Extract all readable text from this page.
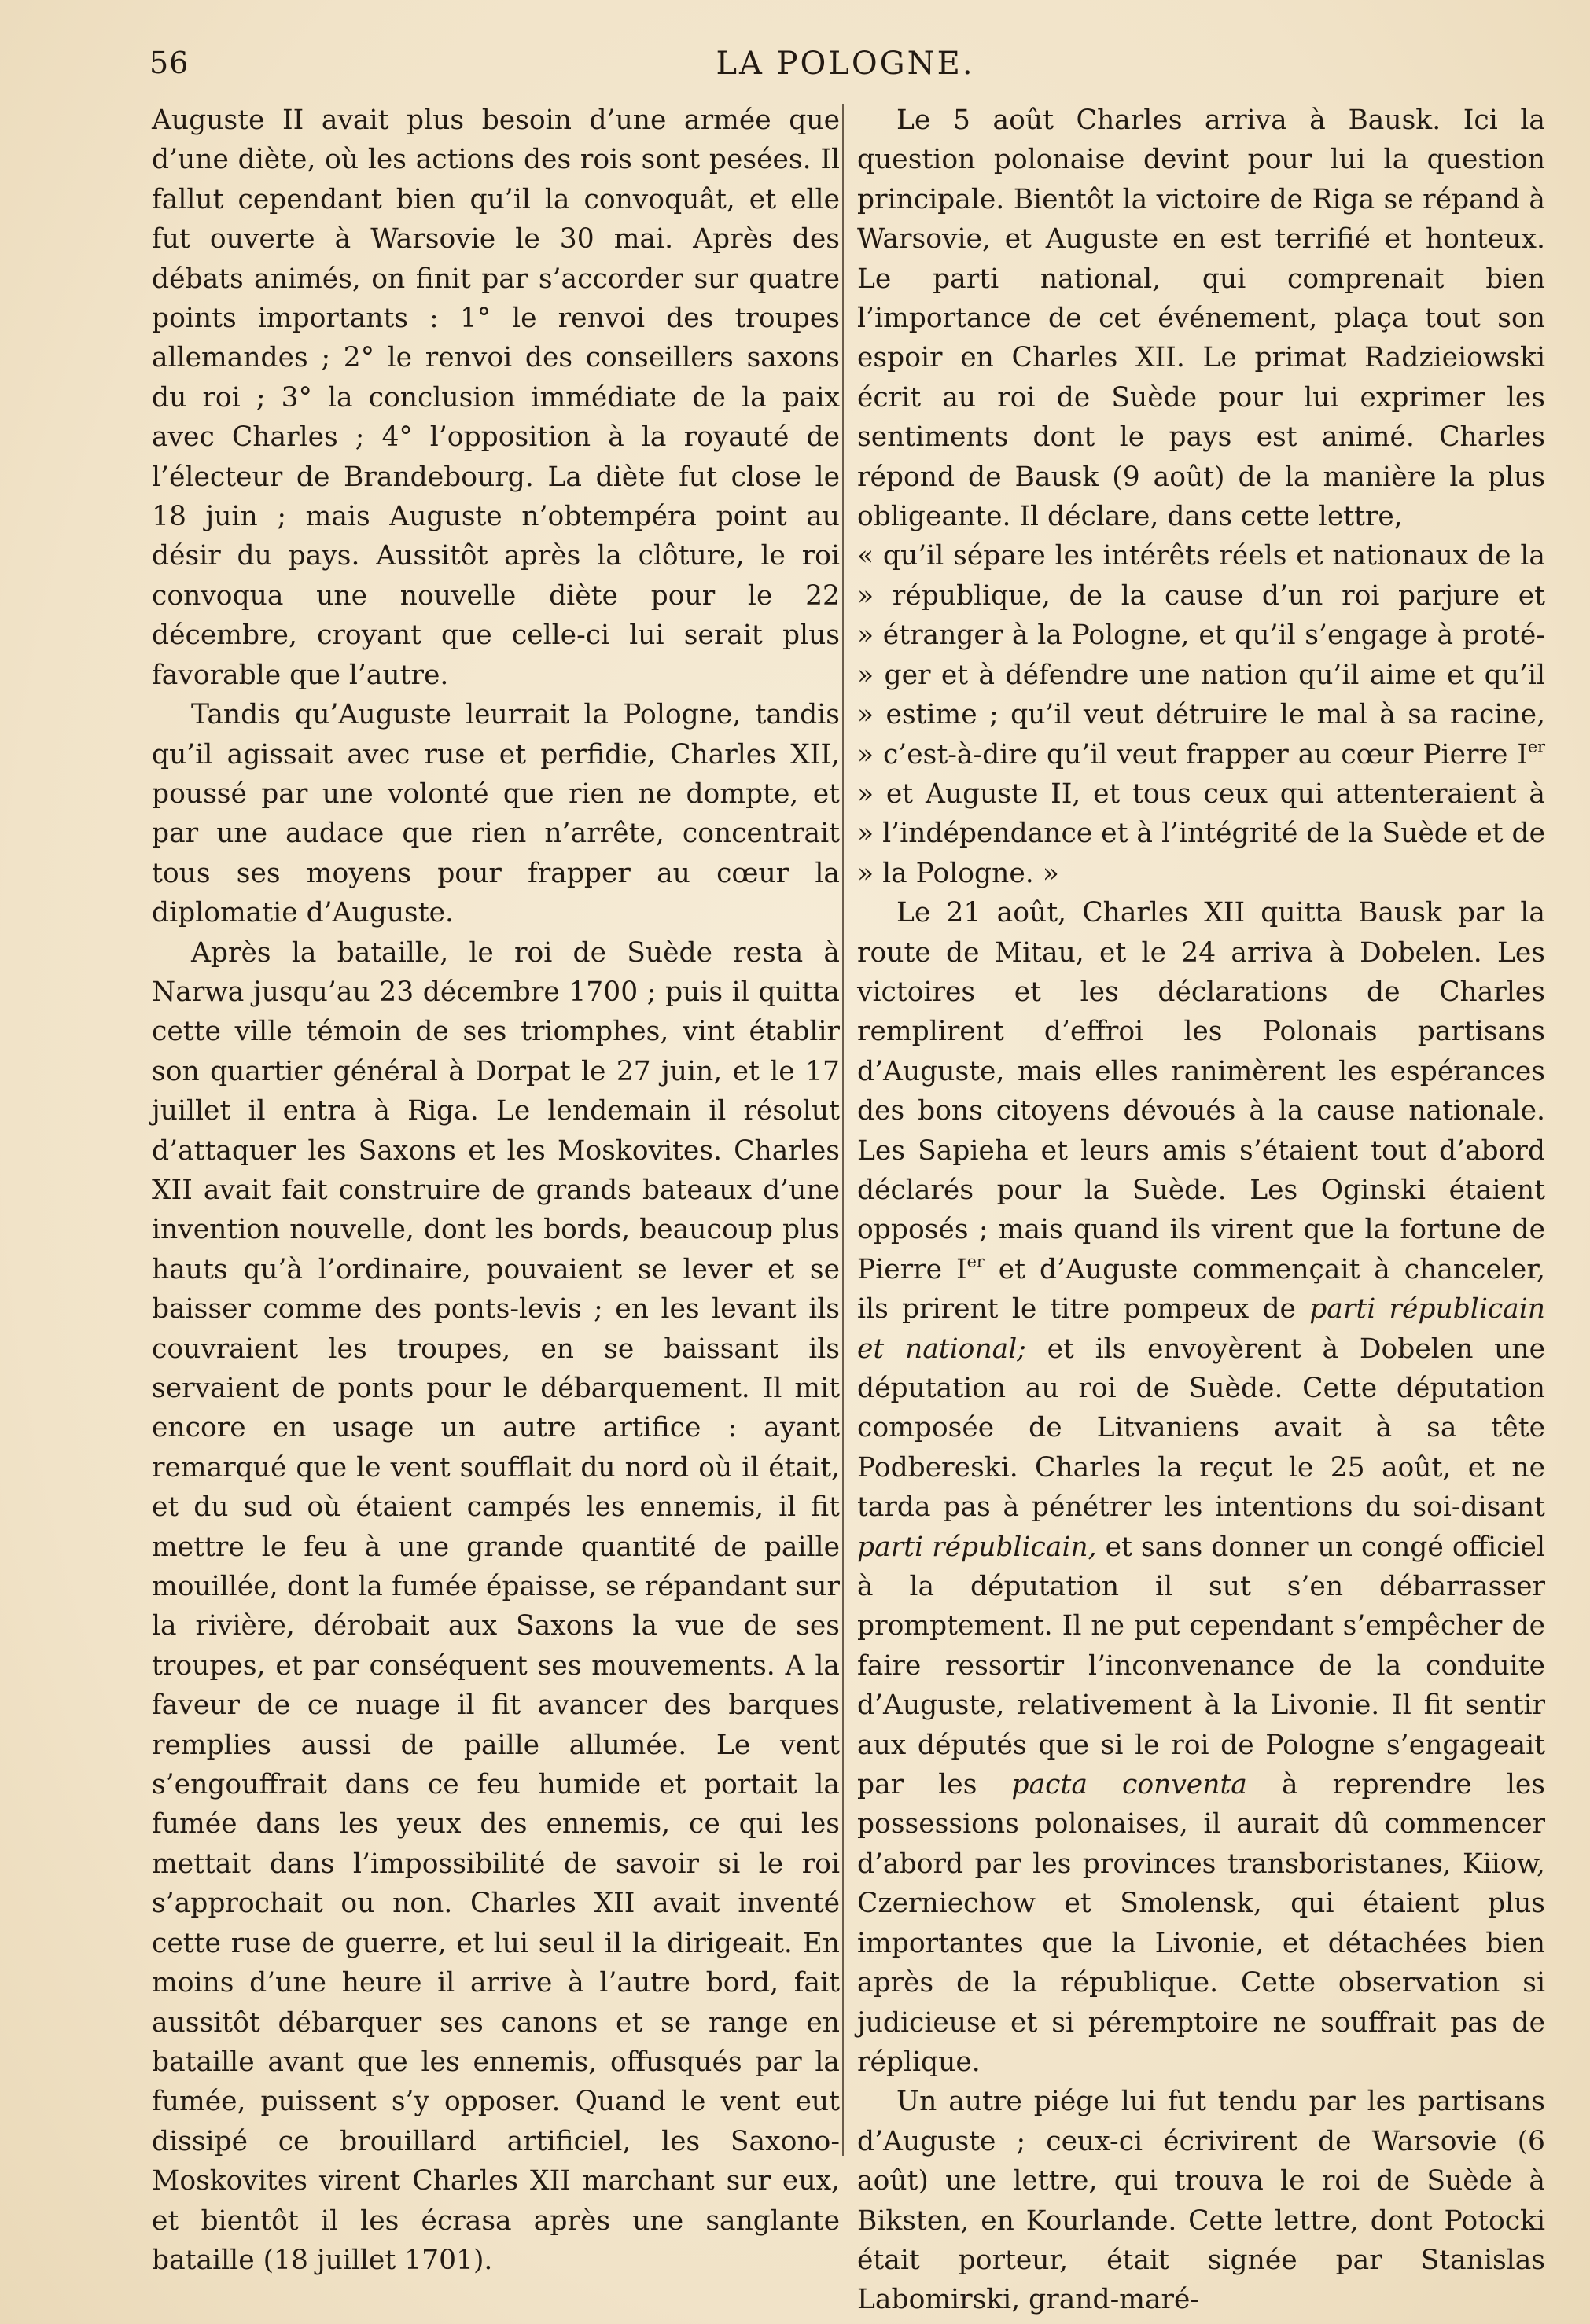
56	LA POLOGNE.

Auguste II avait plus besoin d’une armée que d’une diète, où les actions des rois sont pesées. Il fallut cependant bien qu’il la convoquât, et elle fut ouverte à Warsovie le 30 mai. Après des débats animés, on finit par s’accorder sur quatre points importants : 1° le renvoi des troupes allemandes ; 2° le renvoi des conseillers saxons du roi ; 3° la conclusion immédiate de la paix avec Charles ; 4° l’opposition à la royauté de l’électeur de Brandebourg. La diète fut close le 18 juin ; mais Auguste n’obtempéra point au désir du pays. Aussitôt après la clôture, le roi convoqua une nouvelle diète pour le 22 décembre, croyant que celle-ci lui serait plus favorable que l’autre.

Tandis qu’Auguste leurrait la Pologne, tandis qu’il agissait avec ruse et perfidie, Charles XII, poussé par une volonté que rien ne dompte, et par une audace que rien n’arrête, concentrait tous ses moyens pour frapper au cœur la diplomatie d’Auguste.

Après la bataille, le roi de Suède resta à Narwa jusqu’au 23 décembre 1700 ; puis il quitta cette ville témoin de ses triomphes, vint établir son quartier général à Dorpat le 27 juin, et le 17 juillet il entra à Riga. Le lendemain il résolut d’attaquer les Saxons et les Moskovites. Charles XII avait fait construire de grands bateaux d’une invention nouvelle, dont les bords, beaucoup plus hauts qu’à l’ordinaire, pouvaient se lever et se baisser comme des ponts-levis ; en les levant ils couvraient les troupes, en se baissant ils servaient de ponts pour le débarquement. Il mit encore en usage un autre artifice : ayant remarqué que le vent soufflait du nord où il était, et du sud où étaient campés les ennemis, il fit mettre le feu à une grande quantité de paille mouillée, dont la fumée épaisse, se répandant sur la rivière, dérobait aux Saxons la vue de ses troupes, et par conséquent ses mouvements. A la faveur de ce nuage il fit avancer des barques remplies aussi de paille allumée. Le vent s’engouffrait dans ce feu humide et portait la fumée dans les yeux des ennemis, ce qui les mettait dans l’impossibilité de savoir si le roi s’approchait ou non. Charles XII avait inventé cette ruse de guerre, et lui seul il la dirigeait. En moins d’une heure il arrive à l’autre bord, fait aussitôt débarquer ses canons et se range en bataille avant que les ennemis, offusqués par la fumée, puissent s’y opposer. Quand le vent eut dissipé ce brouillard artificiel, les Saxono-Moskovites virent Charles XII marchant sur eux, et bientôt il les écrasa après une sanglante bataille (18 juillet 1701).

Le 5 août Charles arriva à Bausk. Ici la question polonaise devint pour lui la question principale. Bientôt la victoire de Riga se répand à Warsovie, et Auguste en est terrifié et honteux. Le parti national, qui comprenait bien l’importance de cet événement, plaça tout son espoir en Charles XII. Le primat Radzieiowski écrit au roi de Suède pour lui exprimer les sentiments dont le pays est animé. Charles répond de Bausk (9 août) de la manière la plus obligeante. Il déclare, dans cette lettre,

« qu’il sépare les intérêts réels et nationaux de la
» république, de la cause d’un roi parjure et
» étranger à la Pologne, et qu’il s’engage à proté-
» ger et à défendre une nation qu’il aime et qu’il
» estime ; qu’il veut détruire le mal à sa racine,
» c’est-à-dire qu’il veut frapper au cœur Pierre Ier
» et Auguste II, et tous ceux qui attenteraient à
» l’indépendance et à l’intégrité de la Suède et de
» la Pologne. »

Le 21 août, Charles XII quitta Bausk par la route de Mitau, et le 24 arriva à Dobelen. Les victoires et les déclarations de Charles remplirent d’effroi les Polonais partisans d’Auguste, mais elles ranimèrent les espérances des bons citoyens dévoués à la cause nationale. Les Sapieha et leurs amis s’étaient tout d’abord déclarés pour la Suède. Les Oginski étaient opposés ; mais quand ils virent que la fortune de Pierre Ier et d’Auguste commençait à chanceler, ils prirent le titre pompeux de parti républicain et national; et ils envoyèrent à Dobelen une députation au roi de Suède. Cette députation composée de Litvaniens avait à sa tête Podbereski. Charles la reçut le 25 août, et ne tarda pas à pénétrer les intentions du soi-disant parti républicain, et sans donner un congé officiel à la députation il sut s’en débarrasser promptement. Il ne put cependant s’empêcher de faire ressortir l’inconvenance de la conduite d’Auguste, relativement à la Livonie. Il fit sentir aux députés que si le roi de Pologne s’engageait par les pacta conventa à reprendre les possessions polonaises, il aurait dû commencer d’abord par les provinces transboristanes, Kiiow, Czerniechow et Smolensk, qui étaient plus importantes que la Livonie, et détachées bien après de la république. Cette observation si judicieuse et si péremptoire ne souffrait pas de réplique.

Un autre piége lui fut tendu par les partisans d’Auguste ; ceux-ci écrivirent de Warsovie (6 août) une lettre, qui trouva le roi de Suède à Biksten, en Kourlande. Cette lettre, dont Potocki était porteur, était signée par Stanislas Labomirski, grand-maré-
